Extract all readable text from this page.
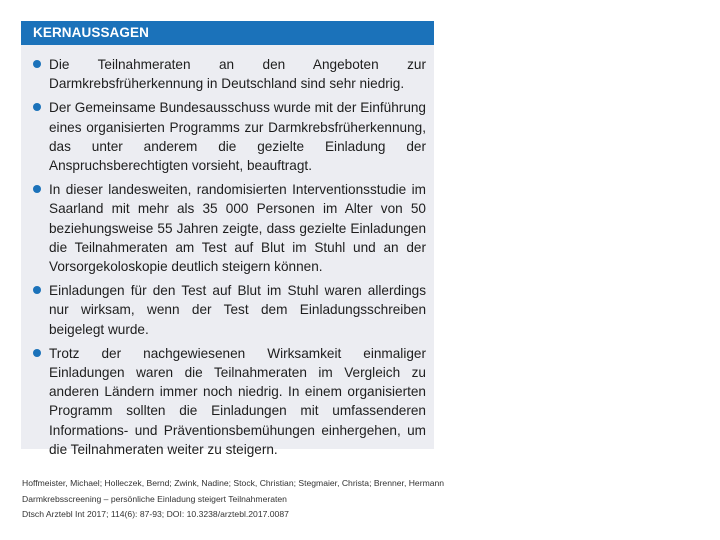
KERNAUSSAGEN
Die Teilnahmeraten an den Angeboten zur Darmkrebsfrüherkennung in Deutschland sind sehr niedrig.
Der Gemeinsame Bundesausschuss wurde mit der Einführung eines organisierten Programms zur Darmkrebsfrüherkennung, das unter anderem die gezielte Einladung der Anspruchsberechtigten vorsieht, beauftragt.
In dieser landesweiten, randomisierten Interventionsstudie im Saarland mit mehr als 35 000 Personen im Alter von 50 beziehungsweise 55 Jahren zeigte, dass gezielte Einladungen die Teilnahmeraten am Test auf Blut im Stuhl und an der Vorsorgekoloskopie deutlich steigern können.
Einladungen für den Test auf Blut im Stuhl waren allerdings nur wirksam, wenn der Test dem Einladungsschreiben beigelegt wurde.
Trotz der nachgewiesenen Wirksamkeit einmaliger Einladungen waren die Teilnahmeraten im Vergleich zu anderen Ländern immer noch niedrig. In einem organisierten Programm sollten die Einladungen mit umfassenderen Informations- und Präventionsbemühungen einhergehen, um die Teilnahmeraten weiter zu steigern.
Hoffmeister, Michael; Holleczek, Bernd; Zwink, Nadine; Stock, Christian; Stegmaier, Christa; Brenner, Hermann
Darmkrebsscreening – persönliche Einladung steigert Teilnahmeraten
Dtsch Arztebl Int 2017; 114(6): 87-93; DOI: 10.3238/arztebl.2017.0087
